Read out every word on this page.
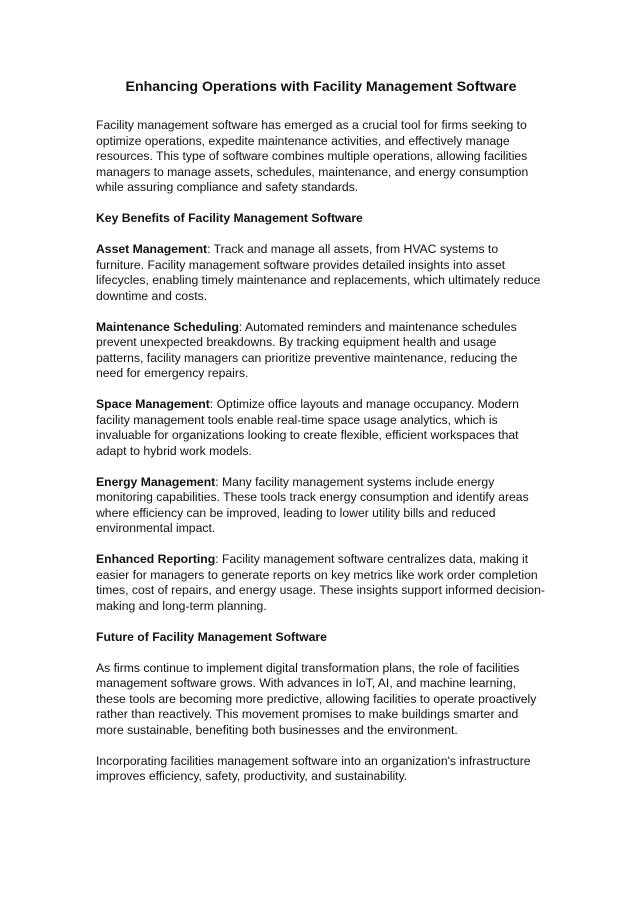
Enhancing Operations with Facility Management Software

Facility management software has emerged as a crucial tool for firms seeking to optimize operations, expedite maintenance activities, and effectively manage resources. This type of software combines multiple operations, allowing facilities managers to manage assets, schedules, maintenance, and energy consumption while assuring compliance and safety standards.

Key Benefits of Facility Management Software

Asset Management: Track and manage all assets, from HVAC systems to furniture. Facility management software provides detailed insights into asset lifecycles, enabling timely maintenance and replacements, which ultimately reduce downtime and costs.

Maintenance Scheduling: Automated reminders and maintenance schedules prevent unexpected breakdowns. By tracking equipment health and usage patterns, facility managers can prioritize preventive maintenance, reducing the need for emergency repairs.

Space Management: Optimize office layouts and manage occupancy. Modern facility management tools enable real-time space usage analytics, which is invaluable for organizations looking to create flexible, efficient workspaces that adapt to hybrid work models.

Energy Management: Many facility management systems include energy monitoring capabilities. These tools track energy consumption and identify areas where efficiency can be improved, leading to lower utility bills and reduced environmental impact.

Enhanced Reporting: Facility management software centralizes data, making it easier for managers to generate reports on key metrics like work order completion times, cost of repairs, and energy usage. These insights support informed decision-making and long-term planning.

Future of Facility Management Software

As firms continue to implement digital transformation plans, the role of facilities management software grows. With advances in IoT, AI, and machine learning, these tools are becoming more predictive, allowing facilities to operate proactively rather than reactively. This movement promises to make buildings smarter and more sustainable, benefiting both businesses and the environment.

Incorporating facilities management software into an organization's infrastructure improves efficiency, safety, productivity, and sustainability.
